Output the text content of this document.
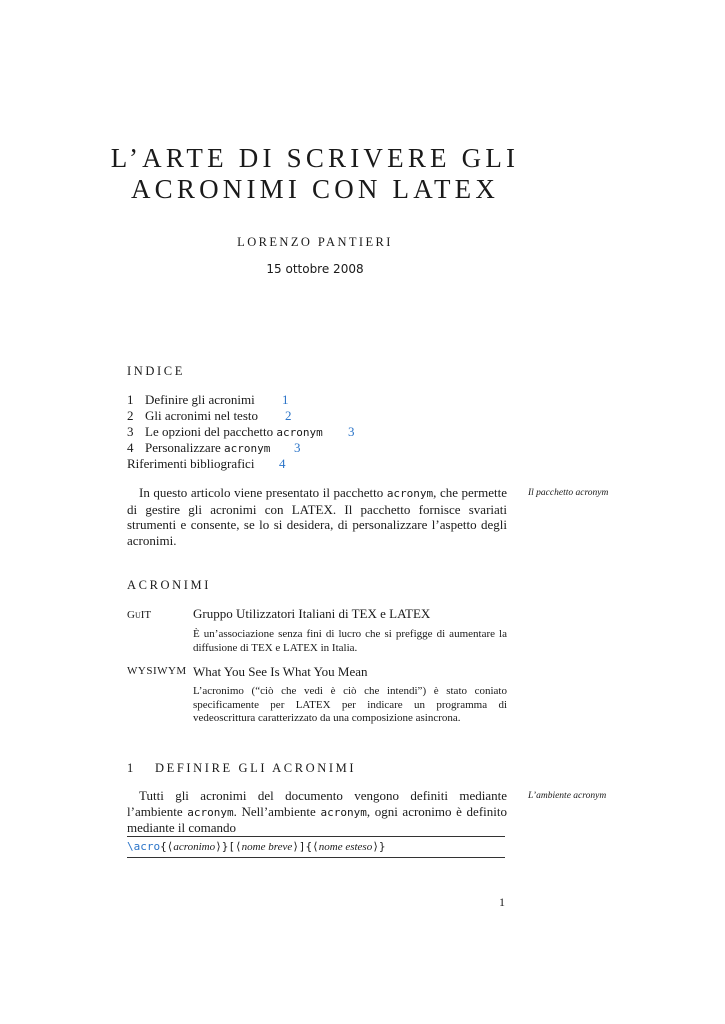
L’ARTE DI SCRIVERE GLI
ACRONIMI CON LATEX
LORENZO PANTIERI
15 ottobre 2008
INDICE
1 Definire gli acronimi 1
2 Gli acronimi nel testo 2
3 Le opzioni del pacchetto acronym 3
4 Personalizzare acronym 3
Riferimenti bibliografici 4
In questo articolo viene presentato il pacchetto acronym, che permette di gestire gli acronimi con LATEX. Il pacchetto fornisce svariati strumenti e consente, se lo si desidera, di personalizzare l’aspetto degli acronimi.
Il pacchetto acronym
ACRONIMI
GuIT	Gruppo Utilizzatori Italiani di TEX e LATEX
È un’associazione senza fini di lucro che si prefigge di aumentare la diffusione di TEX e LATEX in Italia.
WYSIWYM What You See Is What You Mean
L’acronimo (“ciò che vedi è ciò che intendi”) è stato coniato specificamente per LATEX per indicare un programma di vedeoscrittura caratterizzato da una composizione asincrona.
1 DEFINIRE GLI ACRONIMI
Tutti gli acronimi del documento vengono definiti mediante l’ambiente acronym. Nell’ambiente acronym, ogni acronimo è definito mediante il comando
L’ambiente acronym
\acro{⟨acronimo⟩}[⟨nome breve⟩]{⟨nome esteso⟩}
1
